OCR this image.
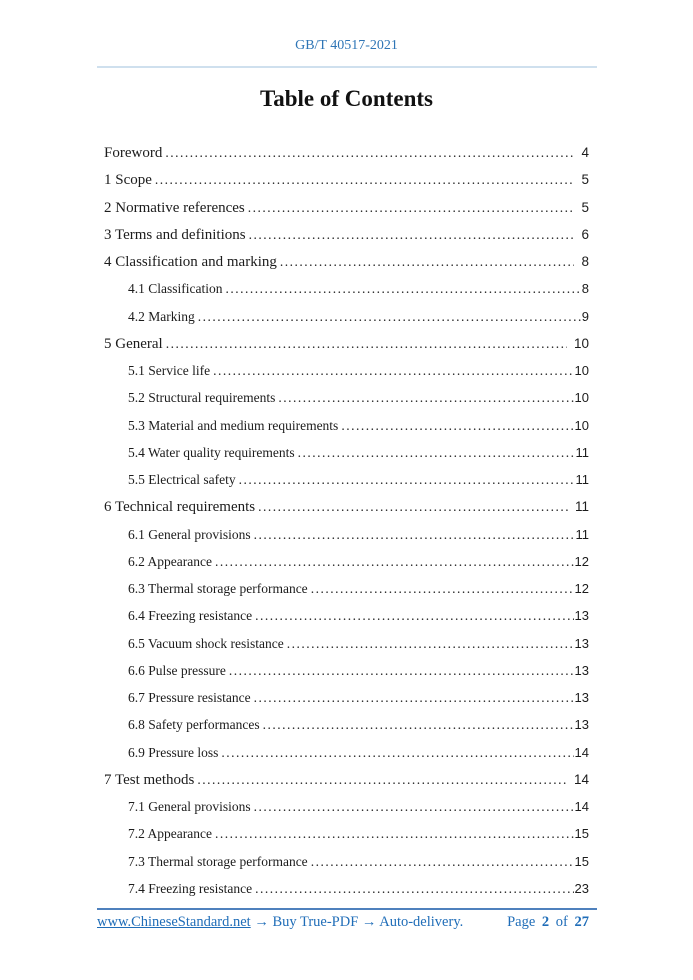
GB/T 40517-2021
Table of Contents
Foreword .....	4
1 Scope .....	5
2 Normative references .....	5
3 Terms and definitions .....	6
4 Classification and marking .....	8
4.1 Classification .....	8
4.2 Marking .....	9
5 General .....	10
5.1 Service life .....	10
5.2 Structural requirements .....	10
5.3 Material and medium requirements .....	10
5.4 Water quality requirements .....	11
5.5 Electrical safety .....	11
6 Technical requirements .....	11
6.1 General provisions .....	11
6.2 Appearance .....	12
6.3 Thermal storage performance .....	12
6.4 Freezing resistance .....	13
6.5 Vacuum shock resistance .....	13
6.6 Pulse pressure .....	13
6.7 Pressure resistance .....	13
6.8 Safety performances .....	13
6.9 Pressure loss .....	14
7 Test methods .....	14
7.1 General provisions .....	14
7.2 Appearance .....	15
7.3 Thermal storage performance .....	15
7.4 Freezing resistance .....	23
www.ChineseStandard.net → Buy True-PDF → Auto-delivery.	Page 2 of 27
